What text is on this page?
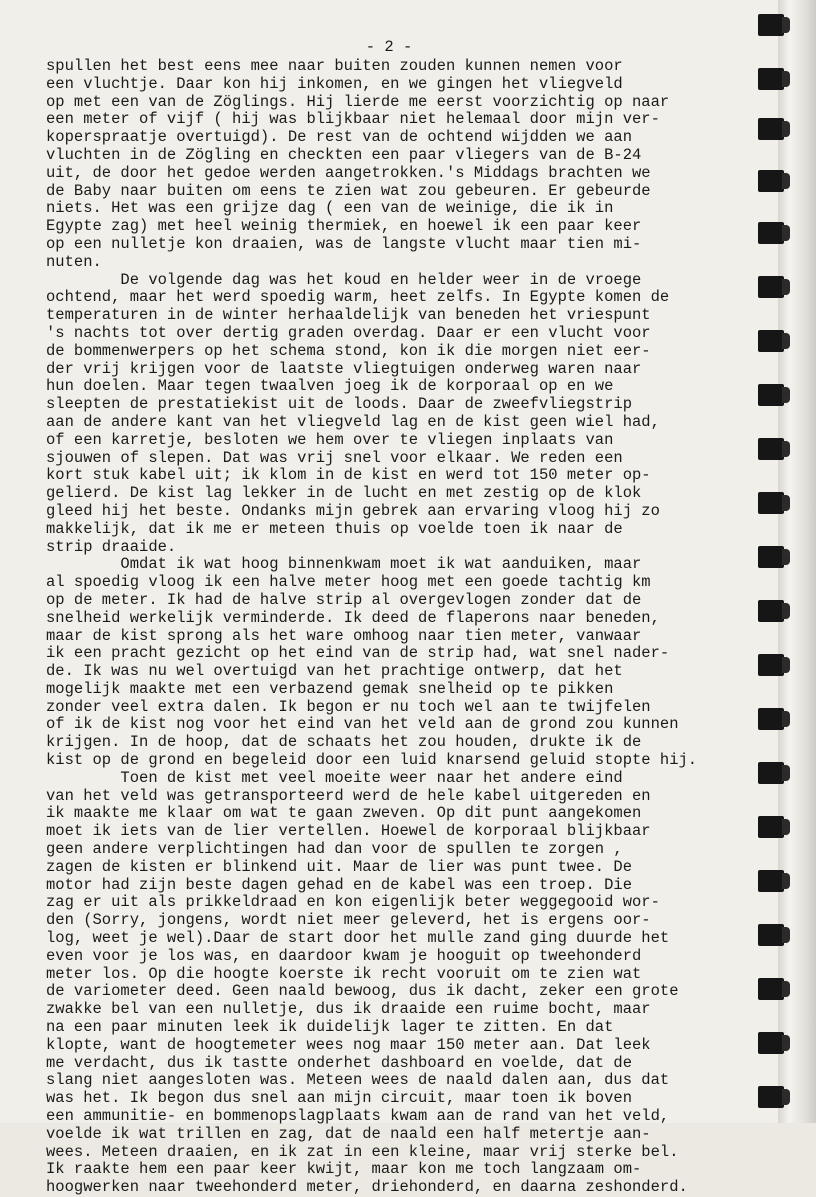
- 2 -
spullen het best eens mee naar buiten zouden kunnen nemen voor
een vluchtje. Daar kon hij inkomen, en we gingen het vliegveld
op met een van de Zöglings. Hij lierde me eerst voorzichtig op naar
een meter of vijf ( hij was blijkbaar niet helemaal door mijn ver-
koperspraatje overtuigd). De rest van de ochtend wijdden we aan
vluchten in de Zögling en checkten een paar vliegers van de B-24
uit, de door het gedoe werden aangetrokken.'s Middags brachten we
de Baby naar buiten om eens te zien wat zou gebeuren. Er gebeurde
niets. Het was een grijze dag ( een van de weinige, die ik in
Egypte zag) met heel weinig thermiek, en hoewel ik een paar keer
op een nulletje kon draaien, was de langste vlucht maar tien mi-
nuten.
De volgende dag was het koud en helder weer in de vroege
ochtend, maar het werd spoedig warm, heet zelfs. In Egypte komen de
temperaturen in de winter herhaaldelijk van beneden het vriespunt
's nachts tot over dertig graden overdag. Daar er een vlucht voor
de bommenwerpers op het schema stond, kon ik die morgen niet eer-
der vrij krijgen voor de laatste vliegtuigen onderweg waren naar
hun doelen. Maar tegen twaalven joeg ik de korporaal op en we
sleepten de prestatiekist uit de loods. Daar de zweefvliegstrip
aan de andere kant van het vliegveld lag en de kist geen wiel had,
of een karretje, besloten we hem over te vliegen inplaats van
sjouwen of slepen. Dat was vrij snel voor elkaar. We reden een
kort stuk kabel uit; ik klom in de kist en werd tot 150 meter op-
gelierd. De kist lag lekker in de lucht en met zestig op de klok
gleed hij het beste. Ondanks mijn gebrek aan ervaring vloog hij zo
makkelijk, dat ik me er meteen thuis op voelde toen ik naar de
strip draaide.
Omdat ik wat hoog binnenkwam moet ik wat aanduiken, maar
al spoedig vloog ik een halve meter hoog met een goede tachtig km
op de meter. Ik had de halve strip al overgevlogen zonder dat de
snelheid werkelijk verminderde. Ik deed de flaperons naar beneden,
maar de kist sprong als het ware omhoog naar tien meter, vanwaar
ik een pracht gezicht op het eind van de strip had, wat snel nader-
de. Ik was nu wel overtuigd van het prachtige ontwerp, dat het
mogelijk maakte met een verbazend gemak snelheid op te pikken
zonder veel extra dalen. Ik begon er nu toch wel aan te twijfelen
of ik de kist nog voor het eind van het veld aan de grond zou kunnen
krijgen. In de hoop, dat de schaats het zou houden, drukte ik de
kist op de grond en begeleid door een luid knarsend geluid stopte hij.
Toen de kist met veel moeite weer naar het andere eind
van het veld was getransporteerd werd de hele kabel uitgereden en
ik maakte me klaar om wat te gaan zweven. Op dit punt aangekomen
moet ik iets van de lier vertellen. Hoewel de korporaal blijkbaar
geen andere verplichtingen had dan voor de spullen te zorgen ,
zagen de kisten er blinkend uit. Maar de lier was punt twee. De
motor had zijn beste dagen gehad en de kabel was een troep. Die
zag er uit als prikkeldraad en kon eigenlijk beter weggegooid wor-
den (Sorry, jongens, wordt niet meer geleverd, het is ergens oor-
log, weet je wel).Daar de start door het mulle zand ging duurde het
even voor je los was, en daardoor kwam je hooguit op tweehonderd
meter los. Op die hoogte koerste ik recht vooruit om te zien wat
de variometer deed. Geen naald bewoog, dus ik dacht, zeker een grote
zwakke bel van een nulletje, dus ik draaide een ruime bocht, maar
na een paar minuten leek ik duidelijk lager te zitten. En dat
klopte, want de hoogtemeter wees nog maar 150 meter aan. Dat leek
me verdacht, dus ik tastte onderhet dashboard en voelde, dat de
slang niet aangesloten was. Meteen wees de naald dalen aan, dus dat
was het. Ik begon dus snel aan mijn circuit, maar toen ik boven
een ammunitie- en bommenopslagplaats kwam aan de rand van het veld,
voelde ik wat trillen en zag, dat de naald een half metertje aan-
wees. Meteen draaien, en ik zat in een kleine, maar vrij sterke bel.
Ik raakte hem een paar keer kwijt, maar kon me toch langzaam om-
hoogwerken naar tweehonderd meter, driehonderd, en daarna zeshonderd.
